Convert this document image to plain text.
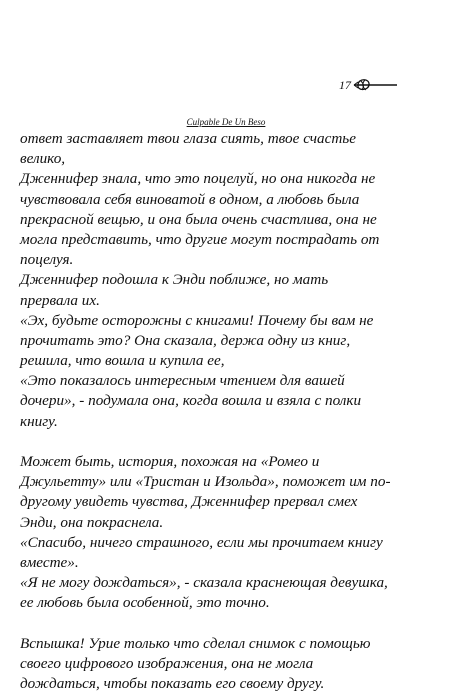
17
Culpable De Un Beso
ответ заставляет твои глаза сиять, твое счастье
велико,
Дженнифер знала, что это поцелуй, но она никогда не
чувствовала себя виноватой в одном, а любовь была
прекрасной вещью, и она была очень счастлива, она не
могла представить, что другие могут пострадать от
поцелуя.
Дженнифер подошла к Энди поближе, но мать
прервала их.
«Эх, будьте осторожны с книгами! Почему бы вам не
прочитать это? Она сказала, держа одну из книг,
решила, что вошла и купила ее,
«Это показалось интересным чтением для вашей
дочери», - подумала она, когда вошла и взяла с полки
книгу.
Может быть, история, похожая на «Ромео и
Джульетту» или «Тристан и Изольда», поможет им по-
другому увидеть чувства, Дженнифер прервал смех
Энди, она покраснела.
«Спасибо, ничего страшного, если мы прочитаем книгу
вместе».
«Я не могу дождаться», - сказала краснеющая девушка,
ее любовь была особенной, это точно.
Вспышка! Урие только что сделал снимок с помощью
своего цифрового изображения, она не могла
дождаться, чтобы показать его своему другу.
